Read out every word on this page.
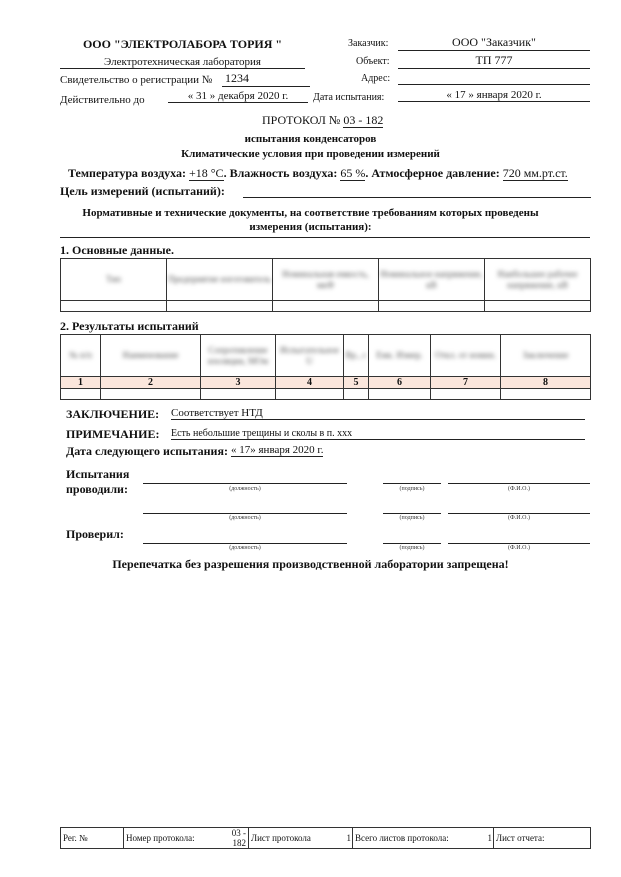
ООО "ЭЛЕКТРОЛАБОРА ТОРИЯ "
Электротехническая лаборатория
Свидетельство о регистрации № 1234
Действительно до	« 31 » декабря 2020 г.
Заказчик:	ООО "Заказчик"
Объект:	ТП 777
Адрес:
Дата испытания:	« 17 » января 2020 г.
ПРОТОКОЛ № 03 - 182
испытания конденсаторов
Климатические условия при проведении измерений
Температура воздуха: +18 °С. Влажность воздуха: 65 %. Атмосферное давление: 720 мм.рт.ст.
Цель измерений (испытаний):
Нормативные и технические документы, на соответствие требованиям которых проведены
измерения (испытания):
1. Основные данные.
Тип	Предприятие изготовитель	Номинальная емкость, мкФ	Номинальное напряжение, кВ	Наибольшее рабочее напряжение, кВ

2. Результаты испытаний
№ п/п	Наименование	Сопротивление изоляции, МОм	Испытательное U	Вр., с	Емк. Измер.	Откл. от номин.	Заключение

1	2	3	4	5	6	7	8

ЗАКЛЮЧЕНИЕ: Соответствует НТД
ПРИМЕЧАНИЕ: Есть небольшие трещины и сколы в п. ххх
Дата следующего испытания: « 17» января 2020 г.
Испытания
проводили:
Проверил:
(должность)	(подпись)	(Ф.И.О.)
(должность)	(подпись)	(Ф.И.О.)
(должность)	(подпись)	(Ф.И.О.)
Перепечатка без разрешения производственной лаборатории запрещена!
Рег. №	Номер протокола:	03 - 182	Лист протокола	1	Всего листов протокола:	1	Лист отчета:
